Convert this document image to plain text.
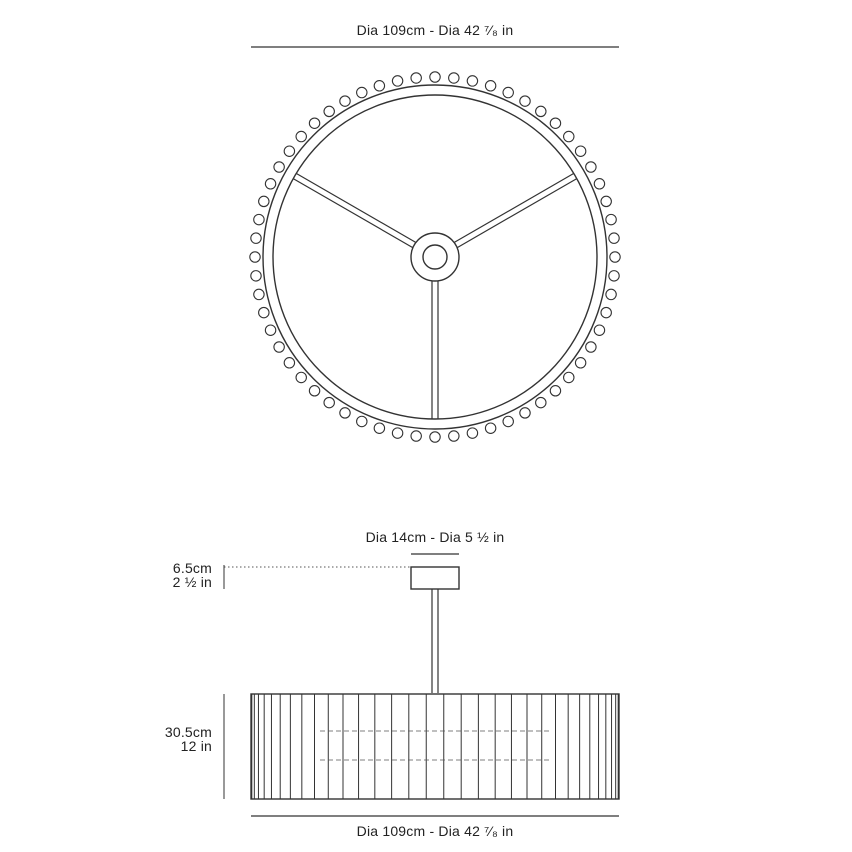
Dia 109cm - Dia 42 ⁷⁄₈ in
Dia 14cm - Dia 5 ½ in
6.5cm
2 ½ in
30.5cm
12 in
Dia 109cm - Dia 42 ⁷⁄₈ in
